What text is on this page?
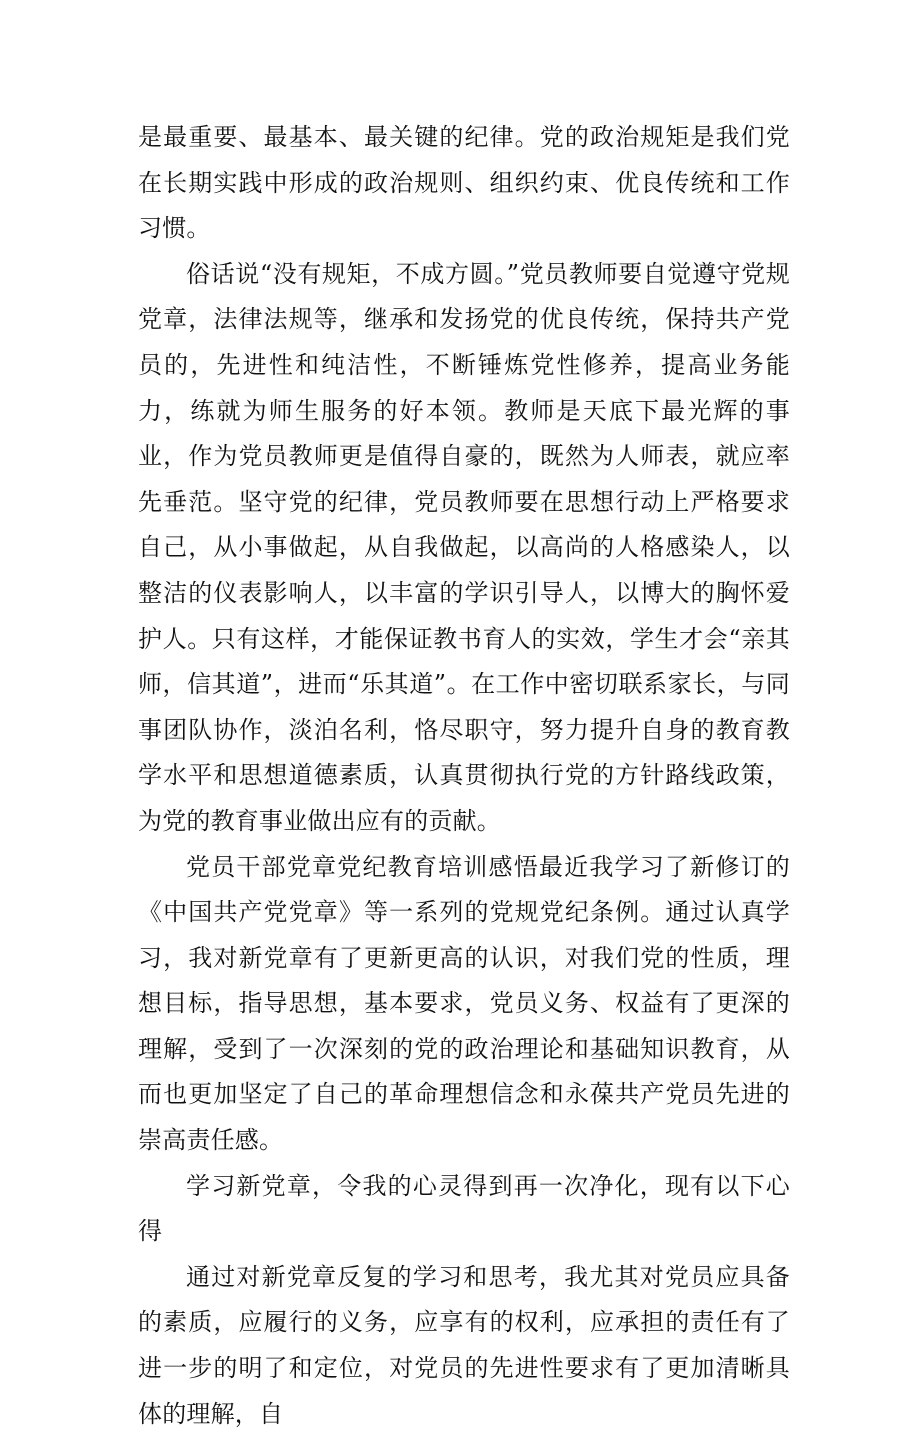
是最重要、最基本、最关键的纪律。党的政治规矩是我们党在长期实践中形成的政治规则、组织约束、优良传统和工作习惯。

俗话说“没有规矩，不成方圆。”党员教师要自觉遵守党规党章，法律法规等，继承和发扬党的优良传统，保持共产党员的，先进性和纯洁性，不断锤炼党性修养，提高业务能力，练就为师生服务的好本领。教师是天底下最光辉的事业，作为党员教师更是值得自豪的，既然为人师表，就应率先垂范。坚守党的纪律，党员教师要在思想行动上严格要求自己，从小事做起，从自我做起，以高尚的人格感染人，以整洁的仪表影响人，以丰富的学识引导人，以博大的胸怀爱护人。只有这样，才能保证教书育人的实效，学生才会“亲其师，信其道”，进而“乐其道”。在工作中密切联系家长，与同事团队协作，淡泊名利，恪尽职守，努力提升自身的教育教学水平和思想道德素质，认真贯彻执行党的方针路线政策，为党的教育事业做出应有的贡献。

党员干部党章党纪教育培训感悟最近我学习了新修订的《中国共产党党章》等一系列的党规党纪条例。通过认真学习，我对新党章有了更新更高的认识，对我们党的性质，理想目标，指导思想，基本要求，党员义务、权益有了更深的理解，受到了一次深刻的党的政治理论和基础知识教育，从而也更加坚定了自己的革命理想信念和永葆共产党员先进的崇高责任感。

学习新党章，令我的心灵得到再一次净化，现有以下心得

通过对新党章反复的学习和思考，我尤其对党员应具备的素质，应履行的义务，应享有的权利，应承担的责任有了进一步的明了和定位，对党员的先进性要求有了更加清晰具体的理解，自
